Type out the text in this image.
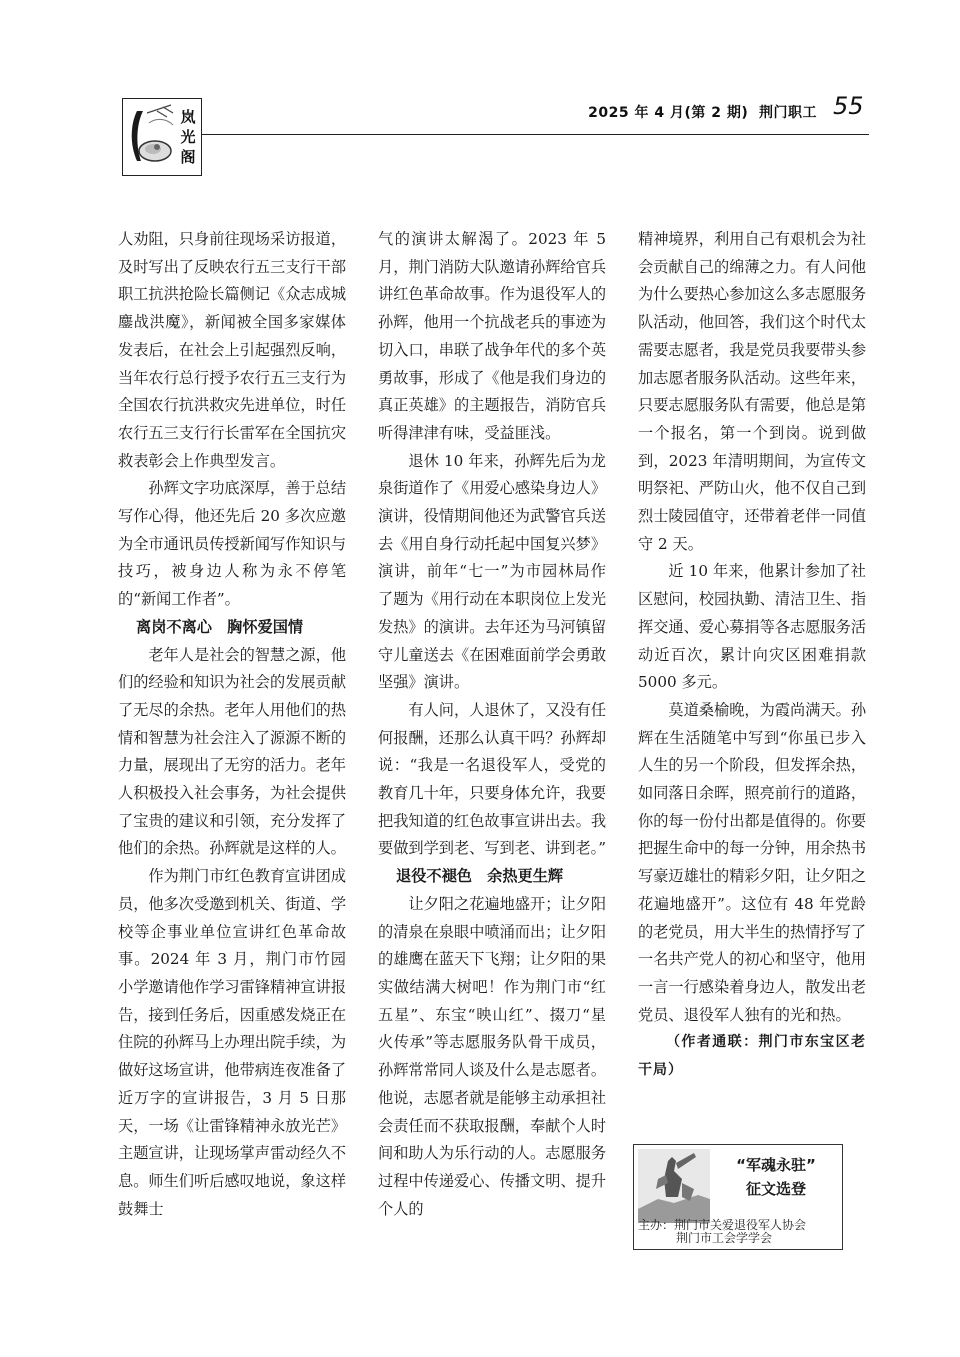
岚
光
阁
2025 年 4 月(第 2 期) 荆门职工 55

人劝阻，只身前往现场采访报道，及时写出了反映农行五三支行干部职工抗洪抢险长篇侧记《众志成城　鏖战洪魔》，新闻被全国多家媒体发表后，在社会上引起强烈反响，当年农行总行授予农行五三支行为全国农行抗洪救灾先进单位，时任农行五三支行行长雷军在全国抗灾救表彰会上作典型发言。

孙辉文字功底深厚，善于总结写作心得，他还先后 20 多次应邀为全市通讯员传授新闻写作知识与技巧，被身边人称为永不停笔的“新闻工作者”。

离岗不离心　胸怀爱国情

老年人是社会的智慧之源，他们的经验和知识为社会的发展贡献了无尽的余热。老年人用他们的热情和智慧为社会注入了源源不断的力量，展现出了无穷的活力。老年人积极投入社会事务，为社会提供了宝贵的建议和引领，充分发挥了他们的余热。孙辉就是这样的人。

作为荆门市红色教育宣讲团成员，他多次受邀到机关、街道、学校等企事业单位宣讲红色革命故事。2024 年 3 月，荆门市竹园小学邀请他作学习雷锋精神宣讲报告，接到任务后，因重感发烧正在住院的孙辉马上办理出院手续，为做好这场宣讲，他带病连夜准备了近万字的宣讲报告，3 月 5 日那天，一场《让雷锋精神永放光芒》主题宣讲，让现场掌声雷动经久不息。师生们听后感叹地说，象这样鼓舞士

气的演讲太解渴了。2023 年 5 月，荆门消防大队邀请孙辉给官兵讲红色革命故事。作为退役军人的孙辉，他用一个抗战老兵的事迹为切入口，串联了战争年代的多个英勇故事，形成了《他是我们身边的真正英雄》的主题报告，消防官兵听得津津有味，受益匪浅。

退休 10 年来，孙辉先后为龙泉街道作了《用爱心感染身边人》演讲，役情期间他还为武警官兵送去《用自身行动托起中国复兴梦》演讲，前年“七一”为市园林局作了题为《用行动在本职岗位上发光发热》的演讲。去年还为马河镇留守儿童送去《在困难面前学会勇敢坚强》演讲。

有人问，人退休了，又没有任何报酬，还那么认真干吗？孙辉却说：“我是一名退役军人，受党的教育几十年，只要身体允许，我要把我知道的红色故事宣讲出去。我要做到学到老、写到老、讲到老。”

退役不褪色　余热更生辉

让夕阳之花遍地盛开；让夕阳的清泉在泉眼中喷涌而出；让夕阳的雄鹰在蓝天下飞翔；让夕阳的果实做结满大树吧！作为荆门市“红五星”、东宝“映山红”、掇刀“星火传承”等志愿服务队骨干成员，孙辉常常同人谈及什么是志愿者。他说，志愿者就是能够主动承担社会责任而不获取报酬，奉献个人时间和助人为乐行动的人。志愿服务过程中传递爱心、传播文明、提升个人的

精神境界，利用自己有艰机会为社会贡献自己的绵薄之力。有人问他为什么要热心参加这么多志愿服务队活动，他回答，我们这个时代太需要志愿者，我是党员我要带头参加志愿者服务队活动。这些年来，只要志愿服务队有需要，他总是第一个报名，第一个到岗。说到做到，2023 年清明期间，为宣传文明祭祀、严防山火，他不仅自己到烈士陵园值守，还带着老伴一同值守 2 天。

近 10 年来，他累计参加了社区慰问，校园执勤、清洁卫生、指挥交通、爱心募捐等各志愿服务活动近百次，累计向灾区困难捐款 5000 多元。

莫道桑榆晚，为霞尚满天。孙辉在生活随笔中写到“你虽已步入人生的另一个阶段，但发挥余热，如同落日余晖，照亮前行的道路，你的每一份付出都是值得的。你要把握生命中的每一分钟，用余热书写豪迈雄壮的精彩夕阳，让夕阳之花遍地盛开”。这位有 48 年党龄的老党员，用大半生的热情抒写了一名共产党人的初心和坚守，他用一言一行感染着身边人，散发出老党员、退役军人独有的光和热。

（作者通联：荆门市东宝区老干局）

“军魂永驻”
征文选登
主办：荆门市关爱退役军人协会
荆门市工会学学会
